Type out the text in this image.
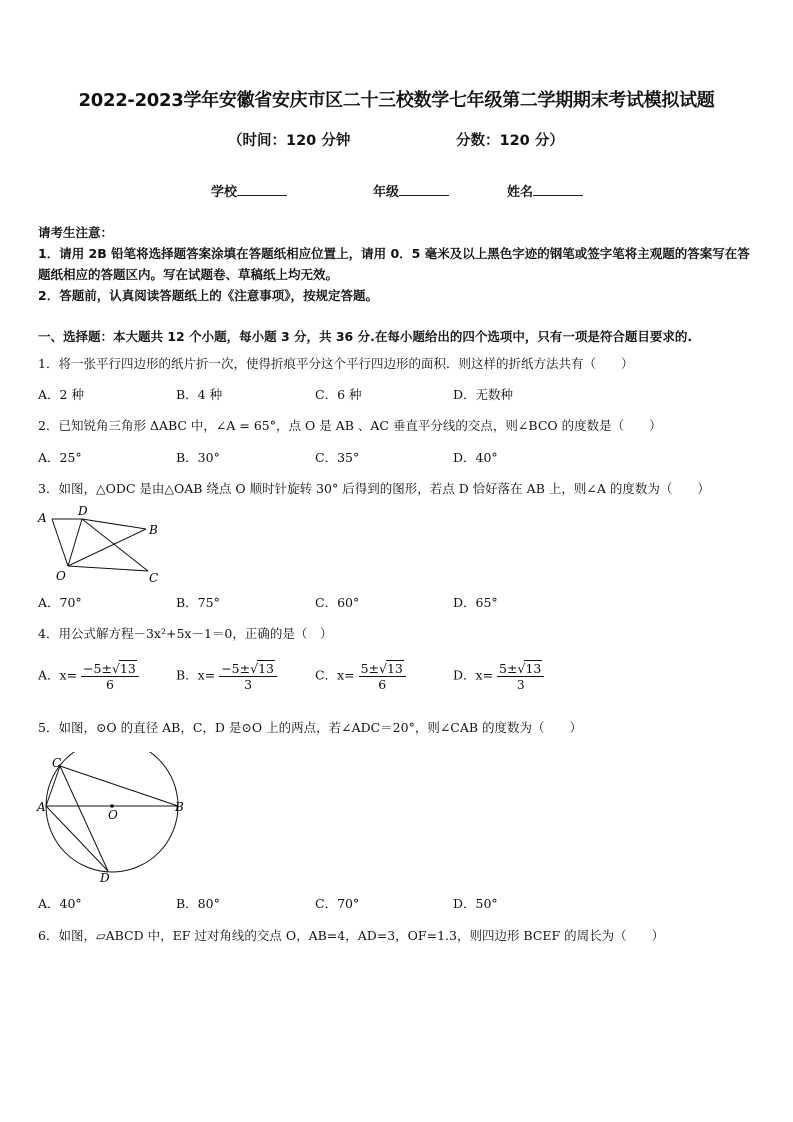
2022-2023学年安徽省安庆市区二十三校数学七年级第二学期期末考试模拟试题
（时间：120 分钟	分数：120 分）
学校	年级	姓名
请考生注意：
1．请用 2B 铅笔将选择题答案涂填在答题纸相应位置上，请用 0．5 毫米及以上黑色字迹的钢笔或签字笔将主观题的答案写在答题纸相应的答题区内。写在试题卷、草稿纸上均无效。
2．答题前，认真阅读答题纸上的《注意事项》，按规定答题。
一、选择题：本大题共 12 个小题，每小题 3 分，共 36 分.在每小题给出的四个选项中，只有一项是符合题目要求的.
1．将一张平行四边形的纸片折一次，使得折痕平分这个平行四边形的面积．则这样的折纸方法共有（　　）
A．2 种	B．4 种	C．6 种	D．无数种
2．已知锐角三角形 ΔABC 中，∠A = 65°，点 O 是 AB 、AC 垂直平分线的交点，则∠BCO 的度数是（　　）
A．25°	B．30°	C．35°	D．40°
3．如图，△ODC 是由△OAB 绕点 O 顺时针旋转 30° 后得到的图形，若点 D 恰好落在 AB 上，则∠A 的度数为（　　）
A	D
B
O	C
A．70°	B．75°	C．60°	D．65°
4．用公式解方程－3x²+5x－1＝0，正确的是（　）
A．$x= \frac{-5\pm√13}{6}$	B．$x= \frac{-5\pm√13}{3}$	C．$x= \frac{5\pm√13}{6}$	D．$x= \frac{5\pm√13}{3}$
5．如图，⊙O 的直径 AB，C，D 是⊙O 上的两点，若∠ADC＝20°，则∠CAB 的度数为（　　）
C
A
O
B
D
A．40°	B．80°	C．70°	D．50°
6．如图，▱ABCD 中，EF 过对角线的交点 O，AB=4，AD=3，OF=1.3，则四边形 BCEF 的周长为（　　）
